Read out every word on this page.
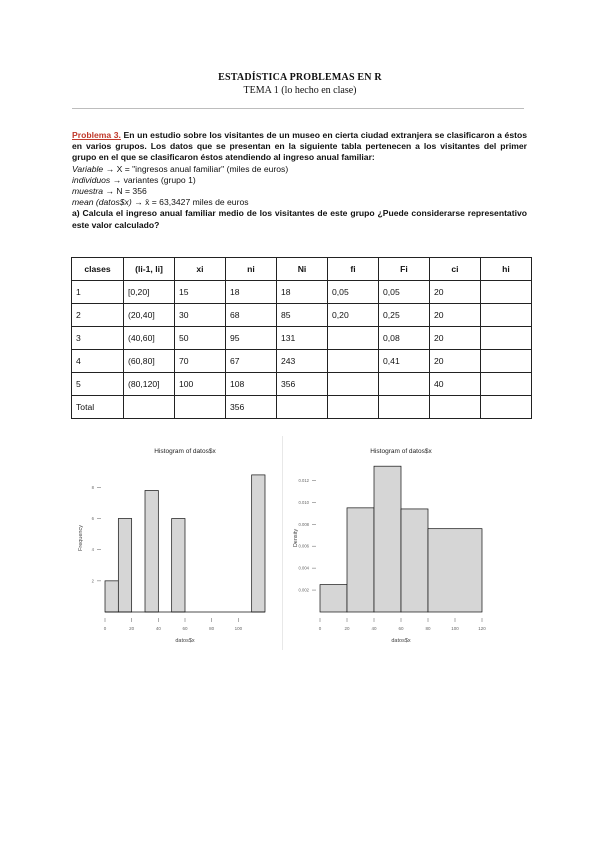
ESTADÍSTICA PROBLEMAS EN R
TEMA 1 (lo hecho en clase)
Problema 3. En un estudio sobre los visitantes de un museo en cierta ciudad extranjera se clasificaron a éstos en varios grupos. Los datos que se presentan en la siguiente tabla pertenecen a los visitantes del primer grupo en el que se clasificaron éstos atendiendo al ingreso anual familiar:
Variable → X = "ingresos anual familiar" (miles de euros)
individuos → variantes (grupo 1)
muestra → N = 356
mean (datos$x) → x̄ = 63,3427 miles de euros
a) Calcula el ingreso anual familiar medio de los visitantes de este grupo ¿Puede considerarse representativo este valor calculado?
clases	(li-1, li]	xi	ni	Ni	fi	Fi	ci	hi
1	[0,20]	15	18	18	0,05	0,05	20	
2	(20,40]	30	68	85	0,20	0,25	20	
3	(40,60]	50	95	131		0,08	20	
4	(60,80]	70	67	243		0,41	20	
5	(80,120]	100	108	356			40	
Total			356					
Histogram of datos$x
datos$x
Frequency
0	20	40	60	80	100
2
4
6
8
Histogram of datos$x
datos$x
Density
0	20	40	60	80	100	120
0.002
0.004
0.006
0.008
0.010
0.012
